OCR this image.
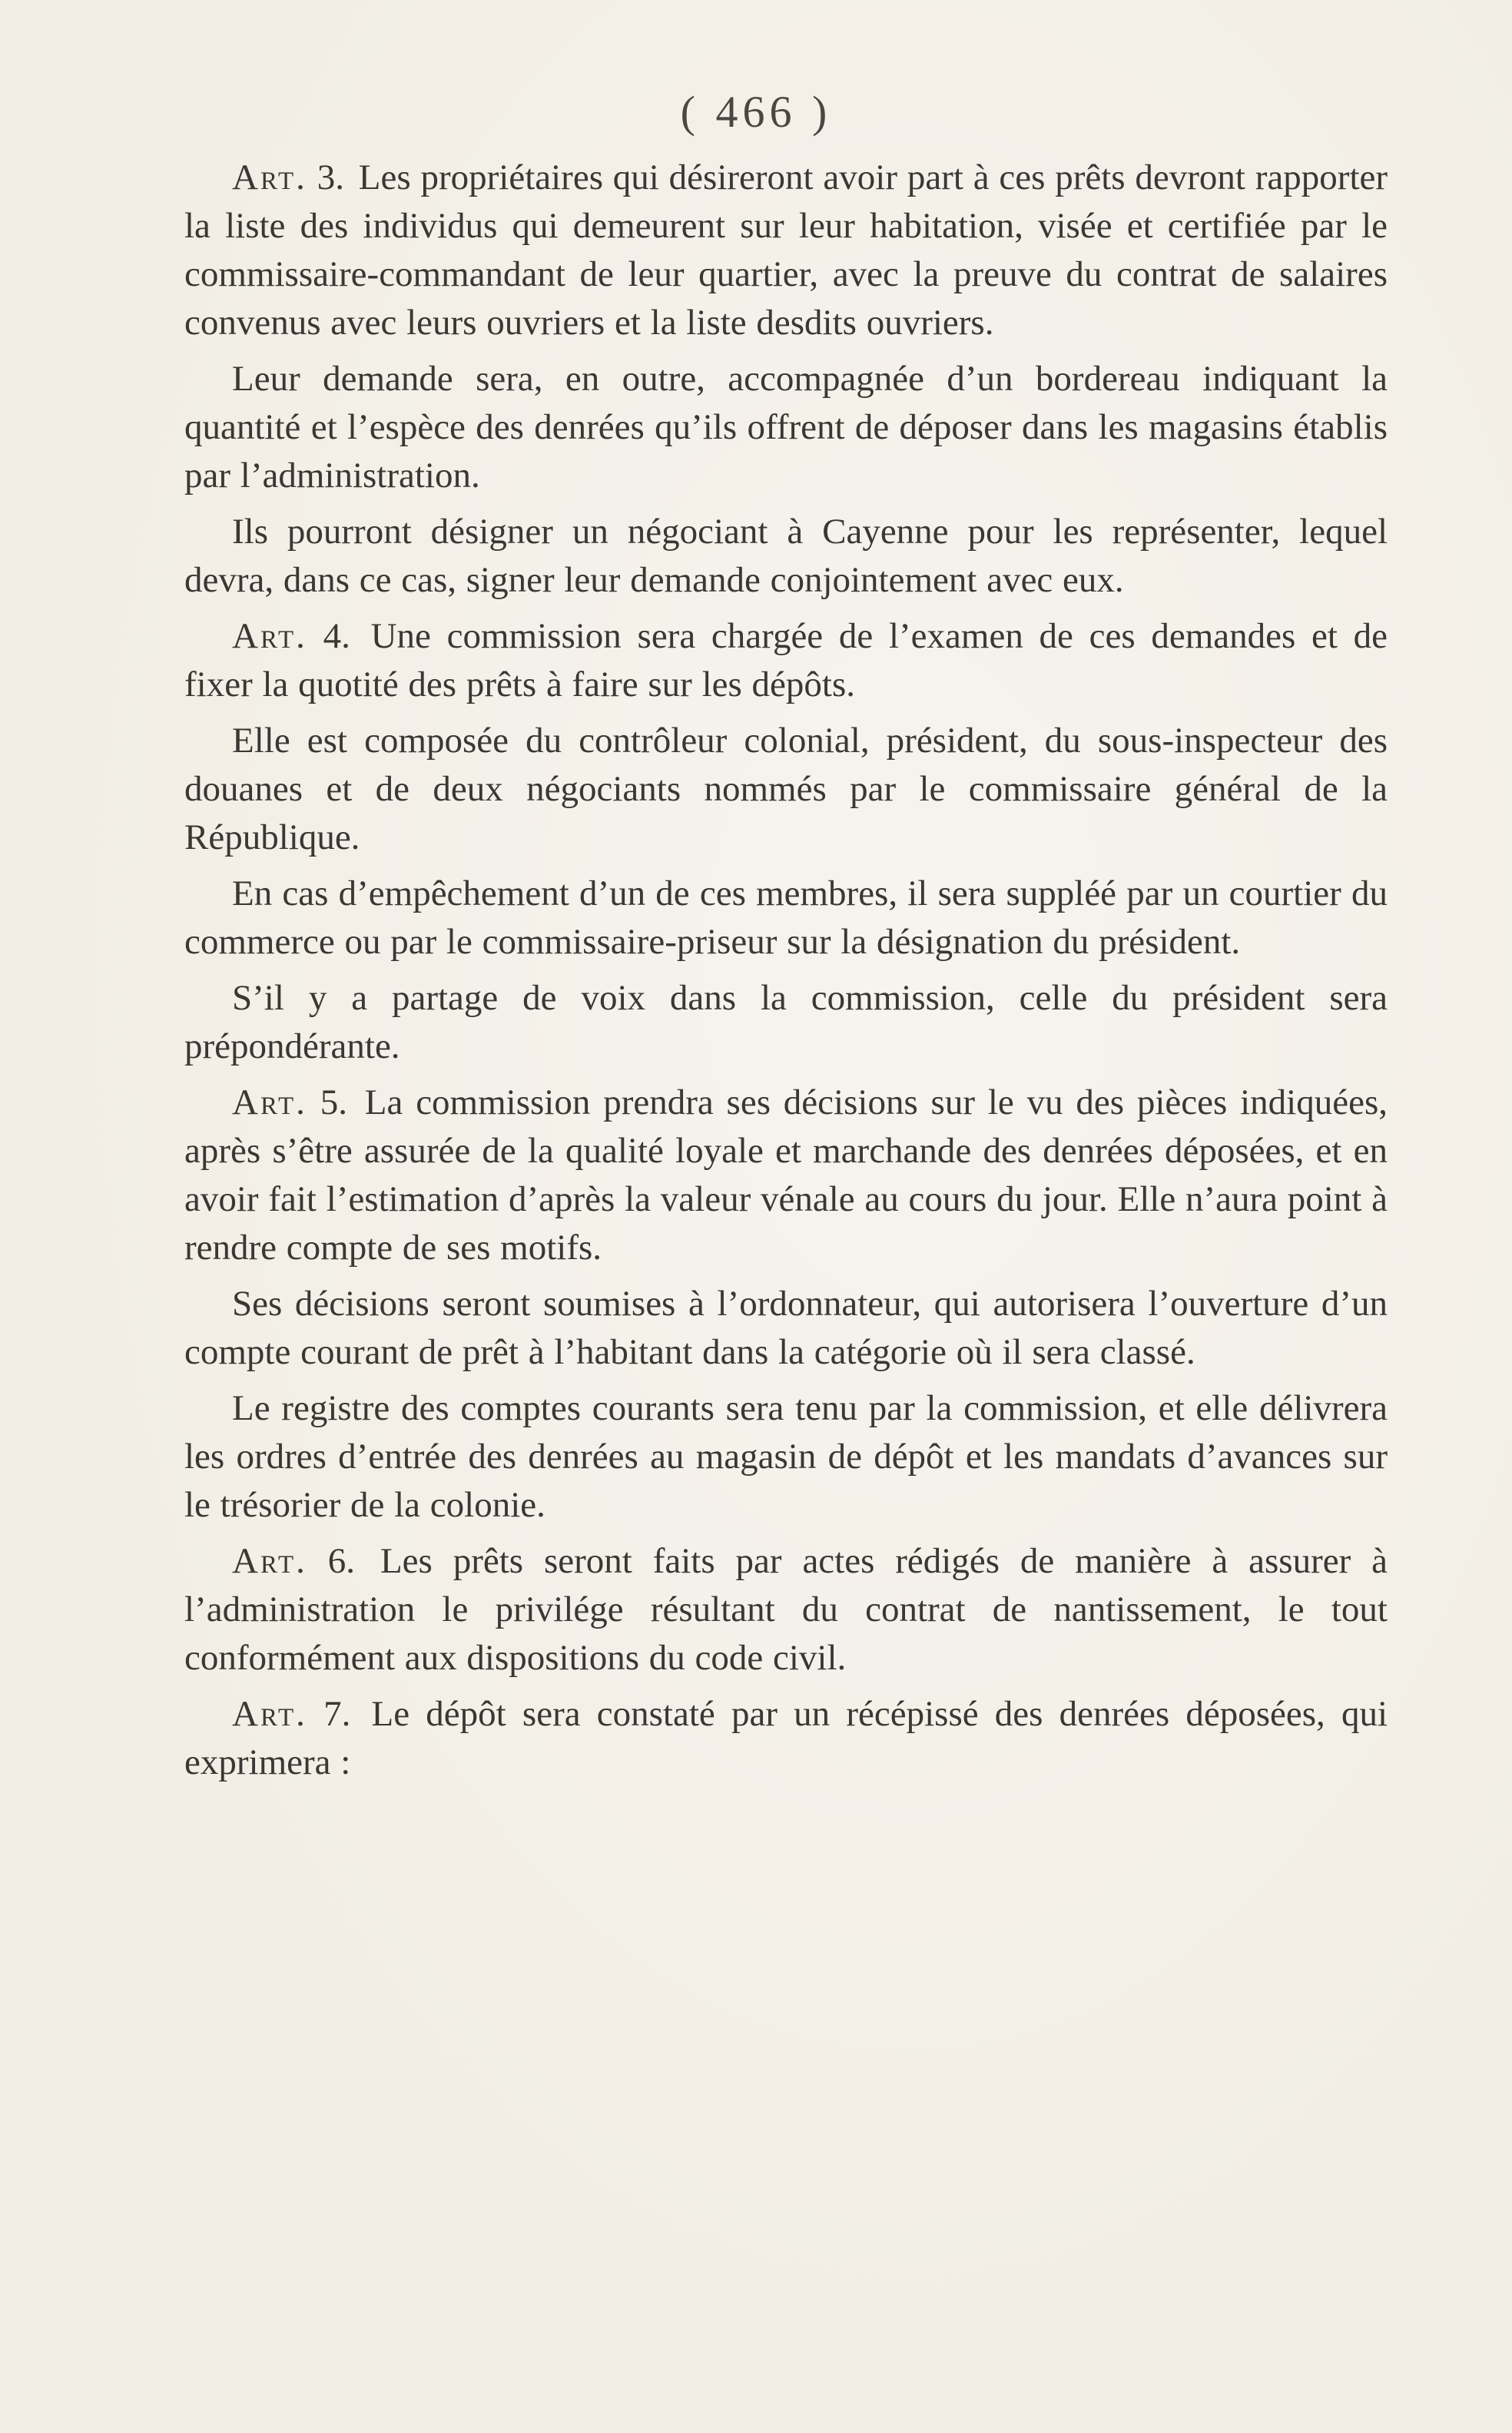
( 466 )

Art. 3. Les propriétaires qui désireront avoir part à ces prêts devront rapporter la liste des individus qui demeurent sur leur habitation, visée et certifiée par le commissaire-commandant de leur quartier, avec la preuve du contrat de salaires convenus avec leurs ouvriers et la liste desdits ouvriers.

Leur demande sera, en outre, accompagnée d’un bordereau indiquant la quantité et l’espèce des denrées qu’ils offrent de déposer dans les magasins établis par l’administration.

Ils pourront désigner un négociant à Cayenne pour les représenter, lequel devra, dans ce cas, signer leur demande conjointement avec eux.

Art. 4. Une commission sera chargée de l’examen de ces demandes et de fixer la quotité des prêts à faire sur les dépôts.

Elle est composée du contrôleur colonial, président, du sous-inspecteur des douanes et de deux négociants nommés par le commissaire général de la République.

En cas d’empêchement d’un de ces membres, il sera suppléé par un courtier du commerce ou par le commissaire-priseur sur la désignation du président.

S’il y a partage de voix dans la commission, celle du président sera prépondérante.

Art. 5. La commission prendra ses décisions sur le vu des pièces indiquées, après s’être assurée de la qualité loyale et marchande des denrées déposées, et en avoir fait l’estimation d’après la valeur vénale au cours du jour. Elle n’aura point à rendre compte de ses motifs.

Ses décisions seront soumises à l’ordonnateur, qui autorisera l’ouverture d’un compte courant de prêt à l’habitant dans la catégorie où il sera classé.

Le registre des comptes courants sera tenu par la commission, et elle délivrera les ordres d’entrée des denrées au magasin de dépôt et les mandats d’avances sur le trésorier de la colonie.

Art. 6. Les prêts seront faits par actes rédigés de manière à assurer à l’administration le privilége résultant du contrat de nantissement, le tout conformément aux dispositions du code civil.

Art. 7. Le dépôt sera constaté par un récépissé des denrées déposées, qui exprimera :
